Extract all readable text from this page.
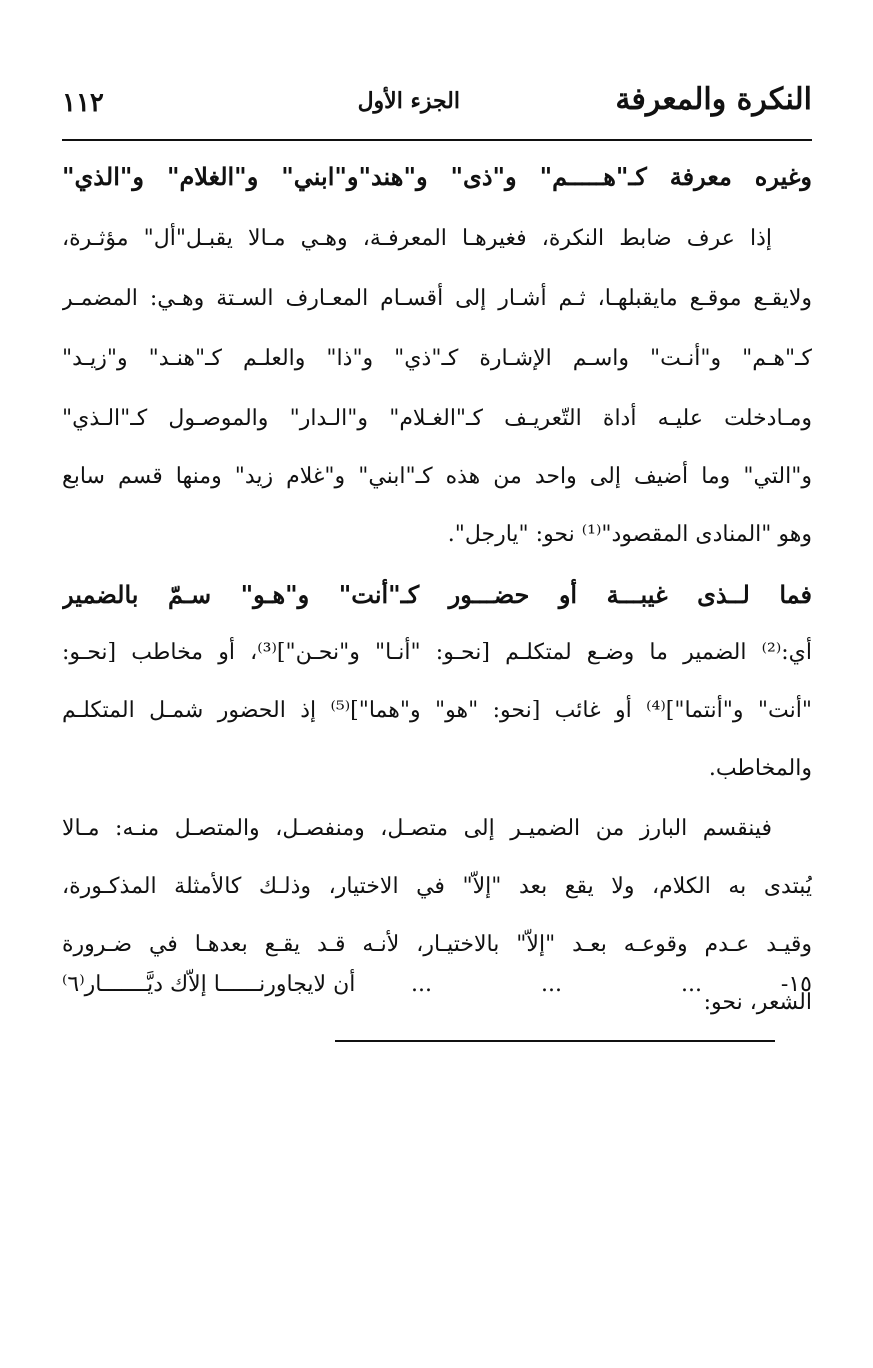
النكرة والمعرفة
الجزء الأول
١١٢
وغيره معرفة كـ"هـــــم" و"ذى" و"هند"و"ابني" و"الغلام" و"الذي"
إذا عرف ضابط النكرة، فغيرهـا المعرفـة، وهـي مـالا يقبـل"أل" مؤثـرة،
ولايقـع موقـع مايقبلهـا، ثـم أشـار إلى أقسـام المعـارف السـتة وهـي: المضمـر
كـ"هـم" و"أنـت" واسـم الإشـارة كـ"ذي" و"ذا" والعلـم كـ"هنـد" و"زيـد"
ومـادخلت عليـه أداة التّعريـف كـ"الغـلام" و"الـدار" والموصـول كـ"الـذي"
و"التي" وما أضيف إلى واحد من هذه كـ"ابني" و"غلام زيد" ومنها قسم سابع
وهو "المنادى المقصود"⁽¹⁾ نحو: "يارجل".
فما لــذى غيبـــة أو حضـــور كـ"أنت" و"هـو" سـمّ بالضمير
أي:⁽²⁾ الضمير ما وضـع لمتكلـم [نحـو: "أنـا" و"نحـن"]⁽³⁾، أو مخاطب [نحـو:
"أنت" و"أنتما"]⁽⁴⁾ أو غائب [نحو: "هو" و"هما"]⁽⁵⁾ إذ الحضور شمـل المتكلـم
والمخاطب.
فينقسم البارز من الضميـر إلى متصـل، ومنفصـل، والمتصـل منـه: مـالا
يُبتدى به الكلام، ولا يقع بعد "إلاّ" في الاختيار، وذلـك كالأمثلة المذكـورة،
وقيـد عـدم وقوعـه بعـد "إلاّ" بالاختيـار، لأنـه قـد يقـع بعدهـا في ضـرورة
الشعر، نحو:
١٥-
...
...
...
أن لايجاورنــــــا إلاّك ديَّـــــــار⁽٦⁾
